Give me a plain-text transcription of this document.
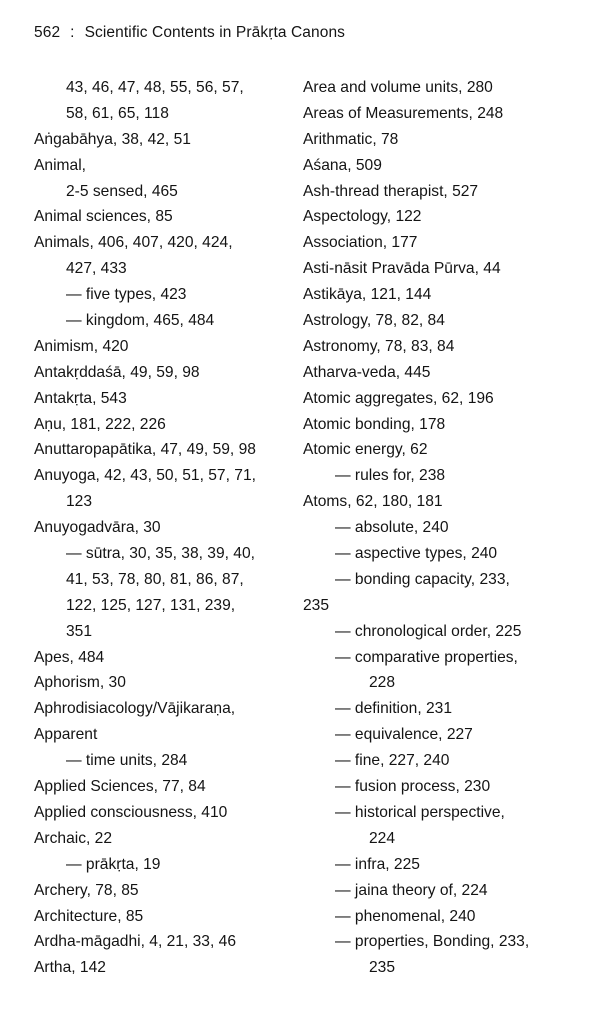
562 : Scientific Contents in Prākṛta Canons
43, 46, 47, 48, 55, 56, 57,
58, 61, 65, 118
Aṅgabāhya, 38, 42, 51
Animal,
2-5 sensed, 465
Animal sciences, 85
Animals, 406, 407, 420, 424,
427, 433
— five types, 423
— kingdom, 465, 484
Animism, 420
Antakṛddaśā, 49, 59, 98
Antakṛta, 543
Aṇu, 181, 222, 226
Anuttaropapātika, 47, 49, 59, 98
Anuyoga, 42, 43, 50, 51, 57, 71,
123
Anuyogadvāra, 30
— sūtra, 30, 35, 38, 39, 40,
41, 53, 78, 80, 81, 86, 87,
122, 125, 127, 131, 239,
351
Apes, 484
Aphorism, 30
Aphrodisiacology/Vājikaraṇa,
Apparent
— time units, 284
Applied Sciences, 77, 84
Applied consciousness, 410
Archaic, 22
— prākṛta, 19
Archery, 78, 85
Architecture, 85
Ardha-māgadhi, 4, 21, 33, 46
Artha, 142
Area and volume units, 280
Areas of Measurements, 248
Arithmatic, 78
Aśana, 509
Ash-thread therapist, 527
Aspectology, 122
Association, 177
Asti-nāsit Pravāda Pūrva, 44
Astikāya, 121, 144
Astrology, 78, 82, 84
Astronomy, 78, 83, 84
Atharva-veda, 445
Atomic aggregates, 62, 196
Atomic bonding, 178
Atomic energy, 62
— rules for, 238
Atoms, 62, 180, 181
— absolute, 240
— aspective types, 240
— bonding capacity, 233,
235
— chronological order, 225
— comparative properties,
228
— definition, 231
— equivalence, 227
— fine, 227, 240
— fusion process, 230
— historical perspective,
224
— infra, 225
— jaina theory of, 224
— phenomenal, 240
— properties, Bonding, 233,
235
